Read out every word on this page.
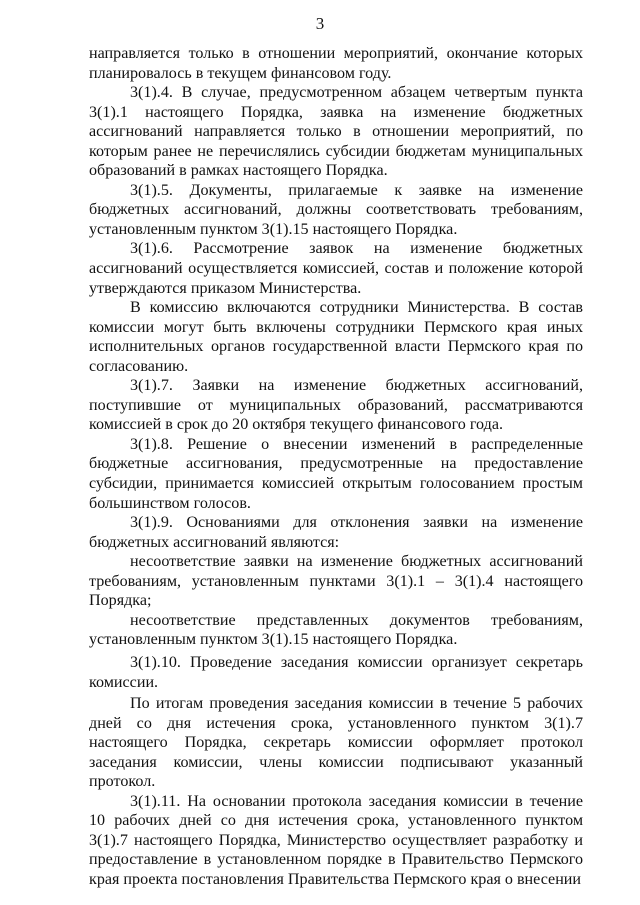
3

направляется только в отношении мероприятий, окончание которых планировалось в текущем финансовом году.

3(1).4. В случае, предусмотренном абзацем четвертым пункта 3(1).1 настоящего Порядка, заявка на изменение бюджетных ассигнований направляется только в отношении мероприятий, по которым ранее не перечислялись субсидии бюджетам муниципальных образований в рамках настоящего Порядка.

3(1).5. Документы, прилагаемые к заявке на изменение бюджетных ассигнований, должны соответствовать требованиям, установленным пунктом 3(1).15 настоящего Порядка.

3(1).6. Рассмотрение заявок на изменение бюджетных ассигнований осуществляется комиссией, состав и положение которой утверждаются приказом Министерства.

В комиссию включаются сотрудники Министерства. В состав комиссии могут быть включены сотрудники Пермского края иных исполнительных органов государственной власти Пермского края по согласованию.

3(1).7. Заявки на изменение бюджетных ассигнований, поступившие от муниципальных образований, рассматриваются комиссией в срок до 20 октября текущего финансового года.

3(1).8. Решение о внесении изменений в распределенные бюджетные ассигнования, предусмотренные на предоставление субсидии, принимается комиссией открытым голосованием простым большинством голосов.

3(1).9. Основаниями для отклонения заявки на изменение бюджетных ассигнований являются:

несоответствие заявки на изменение бюджетных ассигнований требованиям, установленным пунктами 3(1).1 – 3(1).4 настоящего Порядка;

несоответствие представленных документов требованиям, установленным пунктом 3(1).15 настоящего Порядка.

3(1).10. Проведение заседания комиссии организует секретарь комиссии.

По итогам проведения заседания комиссии в течение 5 рабочих дней со дня истечения срока, установленного пунктом 3(1).7 настоящего Порядка, секретарь комиссии оформляет протокол заседания комиссии, члены комиссии подписывают указанный протокол.

3(1).11. На основании протокола заседания комиссии в течение 10 рабочих дней со дня истечения срока, установленного пунктом 3(1).7 настоящего Порядка, Министерство осуществляет разработку и предоставление в установленном порядке в Правительство Пермского края проекта постановления Правительства Пермского края о внесении
